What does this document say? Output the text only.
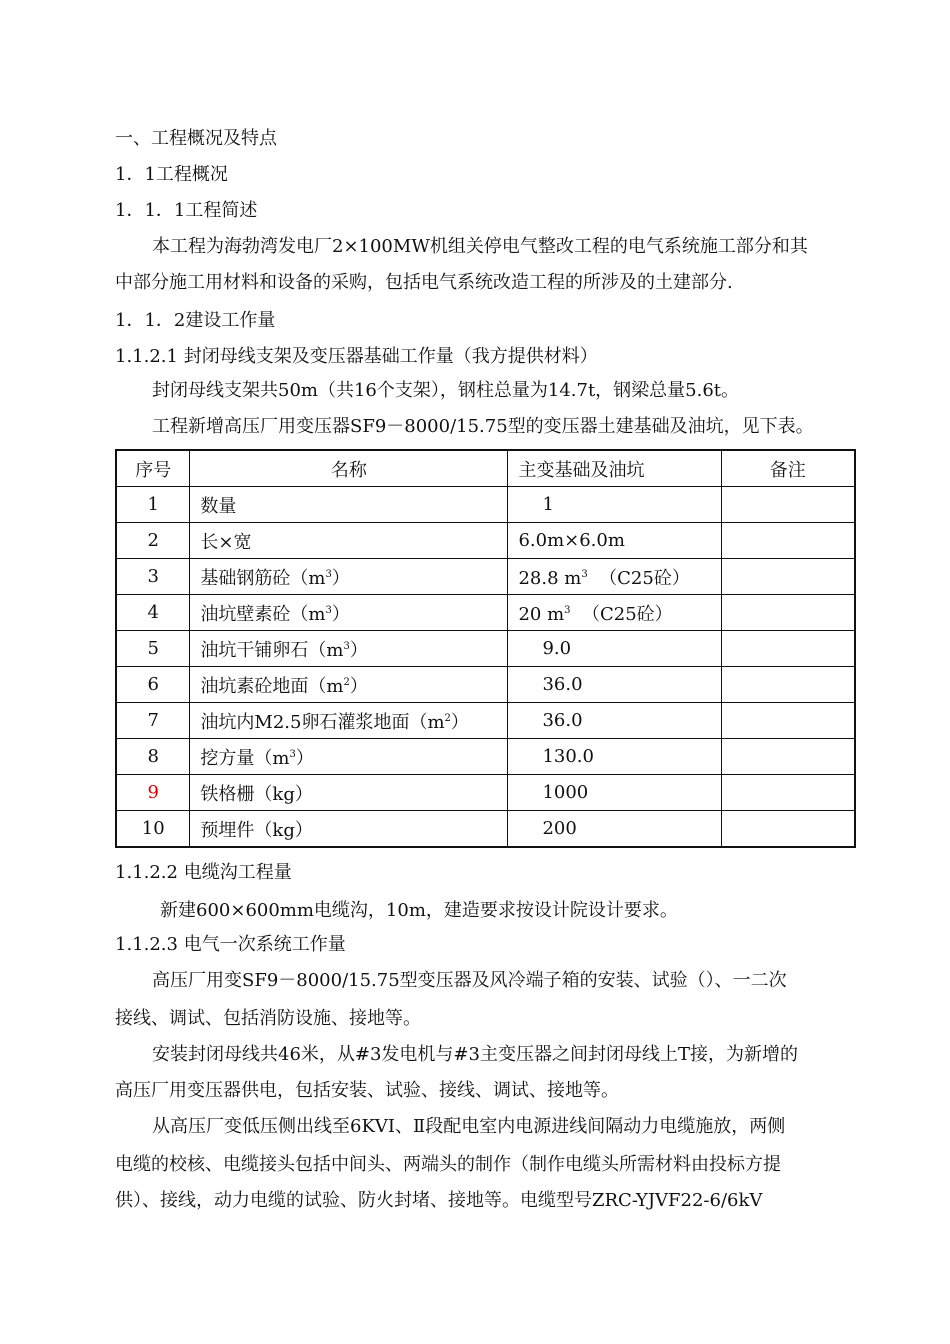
一、工程概况及特点
1．1工程概况
1．1．1工程简述
本工程为海勃湾发电厂2×100MW机组关停电气整改工程的电气系统施工部分和其
中部分施工用材料和设备的采购，包括电气系统改造工程的所涉及的土建部分.
1．1．2建设工作量
1.1.2.1 封闭母线支架及变压器基础工作量（我方提供材料）
封闭母线支架共50m（共16个支架），钢柱总量为14.7t，钢梁总量5.6t。
工程新增高压厂用变压器SF9－8000/15.75型的变压器土建基础及油坑，见下表。
序号	名称	主变基础及油坑	备注
1	数量	1	
2	长×宽	6.0m×6.0m	
3	基础钢筋砼$(m^3)$	28.8 $m^3$  （C25砼）	
4	油坑壁素砼$(m^3)$	20 $m^3$  （C25砼）	
5	油坑干铺卵石$(m^3)$	9.0	
6	油坑素砼地面$(m^2)$	36.0	
7	油坑内M2.5卵石灌浆地面$(m^2)$	36.0	
8	挖方量$(m^3)$	130.0	
9	铁格栅（kg）	1000	
10	预埋件（kg）	200	
1.1.2.2 电缆沟工程量
新建600×600mm电缆沟，10m，建造要求按设计院设计要求。
1.1.2.3 电气一次系统工作量
高压厂用变SF9－8000/15.75型变压器及风冷端子箱的安装、试验（）、一二次
接线、调试、包括消防设施、接地等。
安装封闭母线共46米，从#3发电机与#3主变压器之间封闭母线上T接，为新增的
高压厂用变压器供电，包括安装、试验、接线、调试、接地等。
从高压厂变低压侧出线至6KVⅠ、Ⅱ段配电室内电源进线间隔动力电缆施放，两侧
电缆的校核、电缆接头包括中间头、两端头的制作（制作电缆头所需材料由投标方提
供）、接线，动力电缆的试验、防火封堵、接地等。电缆型号ZRC-YJVF22-6/6kV
